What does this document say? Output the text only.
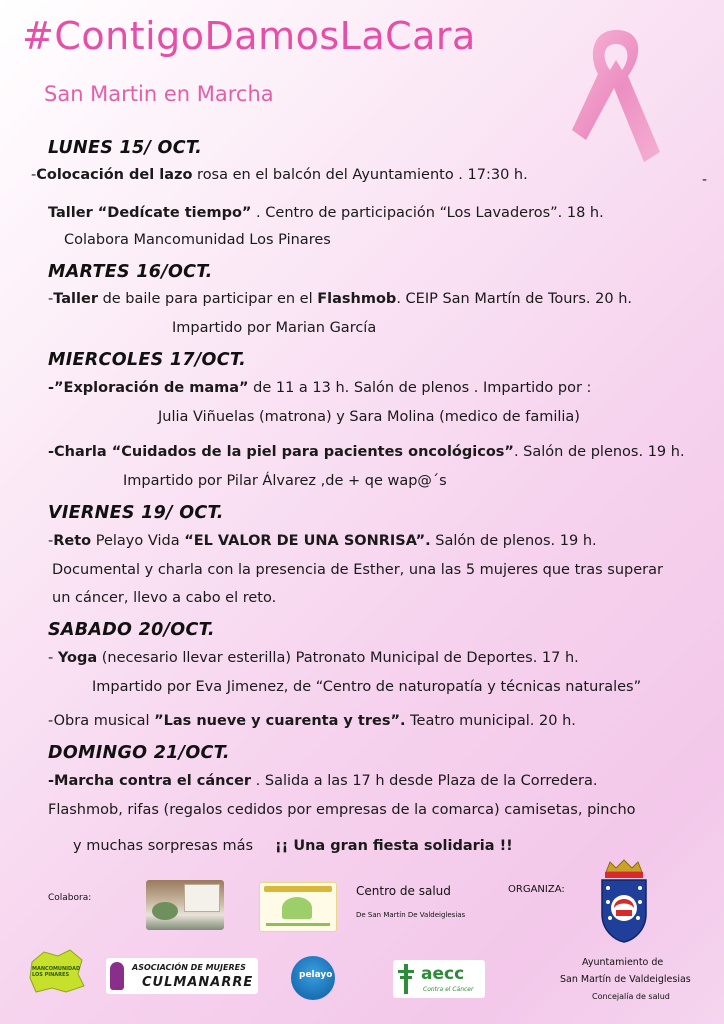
#ContigoDamosLaCara
San Martin en Marcha
LUNES 15/ OCT.
-Colocación del lazo rosa en el balcón del Ayuntamiento . 17:30 h.	-
Taller “Dedícate tiempo” . Centro de participación “Los Lavaderos”. 18 h.
Colabora Mancomunidad Los Pinares
MARTES 16/OCT.
-Taller de baile para participar en el Flashmob. CEIP San Martín de Tours. 20 h.
Impartido por Marian García
MIERCOLES 17/OCT.
-”Exploración de mama” de 11 a 13 h. Salón de plenos . Impartido por :
Julia Viñuelas (matrona) y Sara Molina (medico de familia)
-Charla “Cuidados de la piel para pacientes oncológicos”. Salón de plenos. 19 h.
Impartido por Pilar Álvarez ,de + qe wap@´s
VIERNES 19/ OCT.
-Reto Pelayo Vida “EL VALOR DE UNA SONRISA”. Salón de plenos. 19 h.
Documental y charla con la presencia de Esther, una las 5 mujeres que tras superar
un cáncer, llevo a cabo el reto.
SABADO 20/OCT.
- Yoga (necesario llevar esterilla) Patronato Municipal de Deportes. 17 h.
Impartido por Eva Jimenez, de “Centro de naturopatía y técnicas naturales”
-Obra musical ”Las nueve y cuarenta y tres”. Teatro municipal. 20 h.
DOMINGO 21/OCT.
-Marcha contra el cáncer . Salida a las 17 h desde Plaza de la Corredera.
Flashmob, rifas (regalos cedidos por empresas de la comarca) camisetas, pincho
y muchas sorpresas más ¡¡ Una gran fiesta solidaria !!
Colabora:	Centro de salud
De San Martín De Valdeiglesias
ORGANIZA:
Ayuntamiento de
San Martín de Valdeiglesias
Concejalía de salud
MANCOMUNIDAD LOS PINARES
ASOCIACIÓN DE MUJERES
CULMANARRE	pelayo	aecc
Contra el Cáncer
